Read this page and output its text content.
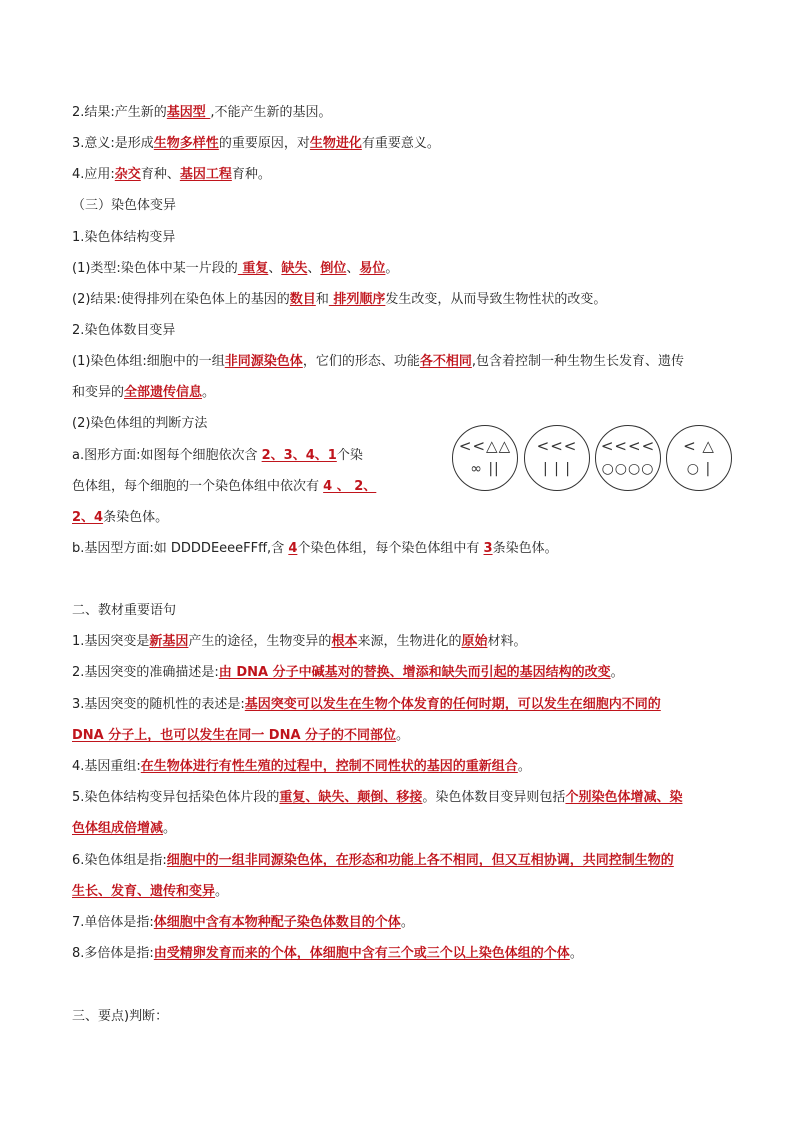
2.结果:产生新的基因型 ,不能产生新的基因。
3.意义:是形成生物多样性的重要原因，对生物进化有重要意义。
4.应用:杂交育种、基因工程育种。
（三）染色体变异
1.染色体结构变异
(1)类型:染色体中某一片段的 重复、缺失、倒位、易位。
(2)结果:使得排列在染色体上的基因的数目和 排列顺序发生改变，从而导致生物性状的改变。
2.染色体数目变异
(1)染色体组:细胞中的一组非同源染色体，它们的形态、功能各不相同,包含着控制一种生物生长发育、遗传
和变异的全部遗传信息。
(2)染色体组的判断方法
a.图形方面:如图每个细胞依次含 2、3、4、1个染
色体组，每个细胞的一个染色体组中依次有 4 、 2、
2、4条染色体。
b.基因型方面:如 DDDDEeeeFFff,含 4个染色体组，每个染色体组中有 3条染色体。
二、教材重要语句
1.基因突变是新基因产生的途径，生物变异的根本来源，生物进化的原始材料。
2.基因突变的准确描述是:由 DNA 分子中碱基对的替换、增添和缺失而引起的基因结构的改变。
3.基因突变的随机性的表述是:基因突变可以发生在生物个体发育的任何时期，可以发生在细胞内不同的
DNA 分子上，也可以发生在同一 DNA 分子的不同部位。
4.基因重组:在生物体进行有性生殖的过程中，控制不同性状的基因的重新组合。
5.染色体结构变异包括染色体片段的重复、缺失、颠倒、移接。染色体数目变异则包括个别染色体增减、染
色体组成倍增减。
6.染色体组是指:细胞中的一组非同源染色体，在形态和功能上各不相同，但又互相协调，共同控制生物的
生长、发育、遗传和变异。
7.单倍体是指:体细胞中含有本物种配子染色体数目的个体。
8.多倍体是指:由受精卵发育而来的个体，体细胞中含有三个或三个以上染色体组的个体。
三、要点)判断：
<<△△
∞ ||
<<<
| | |
<<<<
○○○○
< △
○ |
